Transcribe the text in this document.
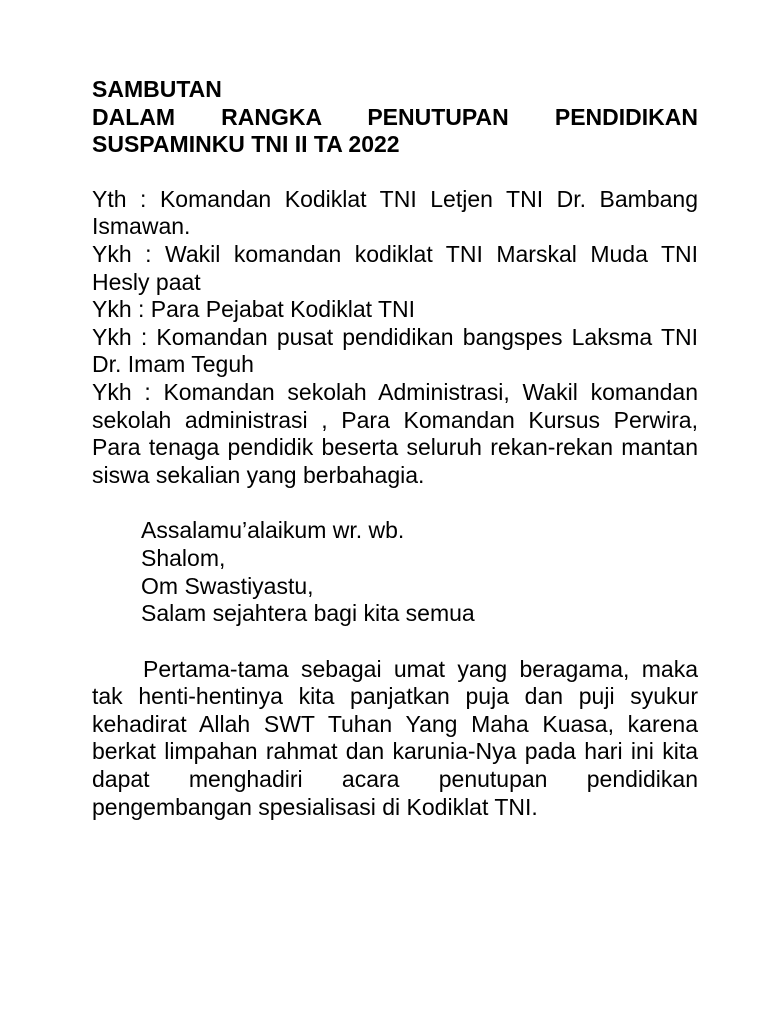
SAMBUTAN

DALAM RANGKA PENUTUPAN PENDIDIKAN

SUSPAMINKU TNI II TA 2022

Yth : Komandan Kodiklat TNI Letjen TNI Dr. Bambang Ismawan.

Ykh : Wakil komandan kodiklat TNI Marskal Muda TNI Hesly paat

Ykh : Para Pejabat Kodiklat TNI

Ykh : Komandan pusat pendidikan bangspes Laksma TNI Dr. Imam Teguh

Ykh : Komandan sekolah Administrasi, Wakil komandan sekolah administrasi , Para Komandan Kursus Perwira, Para tenaga pendidik beserta seluruh rekan-rekan mantan siswa sekalian yang berbahagia.

Assalamu’alaikum wr. wb.

Shalom,

Om Swastiyastu,

Salam sejahtera bagi kita semua

Pertama-tama sebagai umat yang beragama, maka tak henti-hentinya kita panjatkan puja dan puji syukur kehadirat Allah SWT Tuhan Yang Maha Kuasa, karena berkat limpahan rahmat dan karunia-Nya pada hari ini kita dapat menghadiri acara penutupan pendidikan pengembangan spesialisasi di Kodiklat TNI.
